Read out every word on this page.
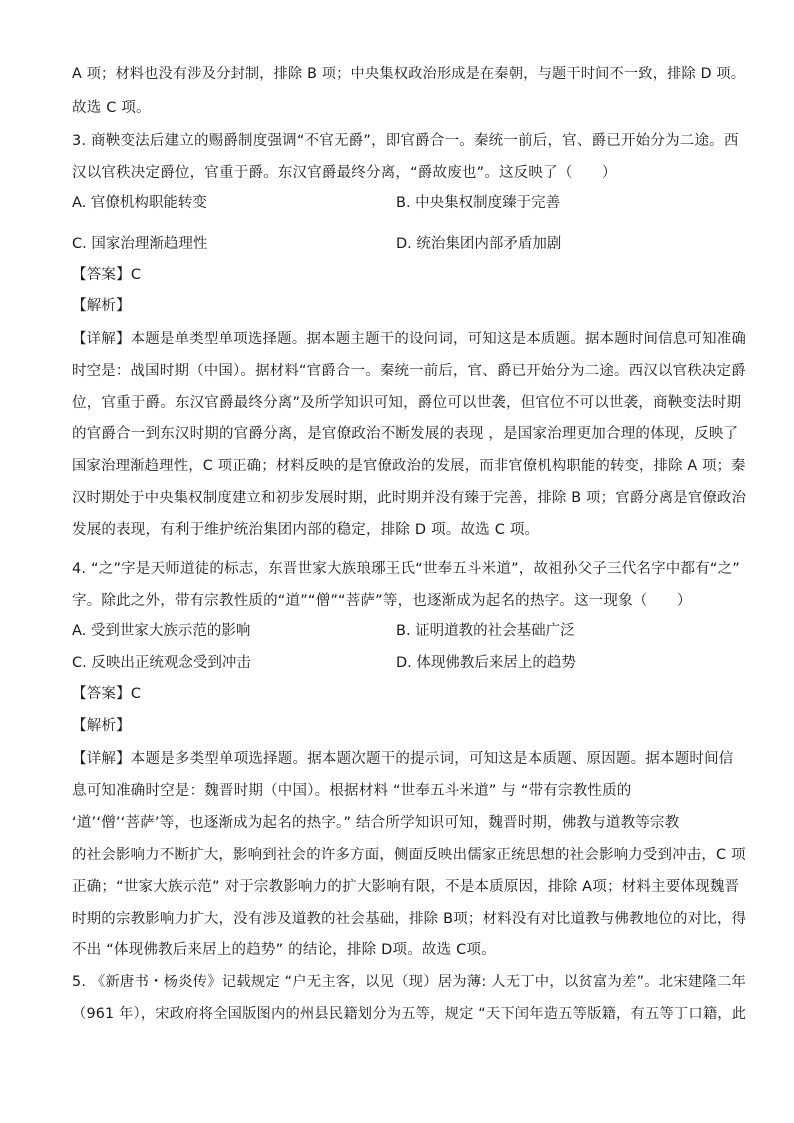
A 项；材料也没有涉及分封制，排除 B 项；中央集权政治形成是在秦朝，与题干时间不一致，排除 D 项。
故选 C 项。
3. 商鞅变法后建立的赐爵制度强调“不官无爵”，即官爵合一。秦统一前后，官、爵已开始分为二途。西
汉以官秩决定爵位，官重于爵。东汉官爵最终分离，“爵故废也”。这反映了（　　）
A. 官僚机构职能转变	B. 中央集权制度臻于完善
C. 国家治理渐趋理性	D. 统治集团内部矛盾加剧
【答案】C
【解析】
【详解】本题是单类型单项选择题。据本题主题干的设问词，可知这是本质题。据本题时间信息可知准确
时空是：战国时期（中国）。据材料“官爵合一。秦统一前后，官、爵已开始分为二途。西汉以官秩决定爵
位，官重于爵。东汉官爵最终分离”及所学知识可知，爵位可以世袭，但官位不可以世袭，商鞅变法时期
的官爵合一到东汉时期的官爵分离，是官僚政治不断发展的表现 ，是国家治理更加合理的体现，反映了
国家治理渐趋理性，C 项正确；材料反映的是官僚政治的发展，而非官僚机构职能的转变，排除 A 项；秦
汉时期处于中央集权制度建立和初步发展时期，此时期并没有臻于完善，排除 B 项；官爵分离是官僚政治
发展的表现，有利于维护统治集团内部的稳定，排除 D 项。故选 C 项。
4. “之”字是天师道徒的标志，东晋世家大族琅琊王氏“世奉五斗米道”，故祖孙父子三代名字中都有“之”
字。除此之外，带有宗教性质的“道”“僧”“菩萨”等，也逐渐成为起名的热字。这一现象（　　）
A. 受到世家大族示范的影响	B. 证明道教的社会基础广泛
C. 反映出正统观念受到冲击	D. 体现佛教后来居上的趋势
【答案】C
【解析】
【详解】本题是多类型单项选择题。据本题次题干的提示词，可知这是本质题、原因题。据本题时间信
息可知准确时空是：魏晋时期（中国）。根据材料 “世奉五斗米道” 与 “带有宗教性质的
‘道’‘僧’‘菩萨’等，也逐渐成为起名的热字。” 结合所学知识可知，魏晋时期，佛教与道教等宗教
的社会影响力不断扩大，影响到社会的许多方面，侧面反映出儒家正统思想的社会影响力受到冲击，C 项
正确；“世家大族示范” 对于宗教影响力的扩大影响有限，不是本质原因，排除 A项；材料主要体现魏晋
时期的宗教影响力扩大，没有涉及道教的社会基础，排除 B项；材料没有对比道教与佛教地位的对比，得
不出 “体现佛教后来居上的趋势” 的结论，排除 D项。故选 C项。
5. 《新唐书・杨炎传》记载规定 “户无主客，以见（现）居为薄: 人无丁中，以贫富为差”。北宋建隆二年
（961 年），宋政府将全国版图内的州县民籍划分为五等，规定 “天下闰年造五等版籍，有五等丁口籍，此
